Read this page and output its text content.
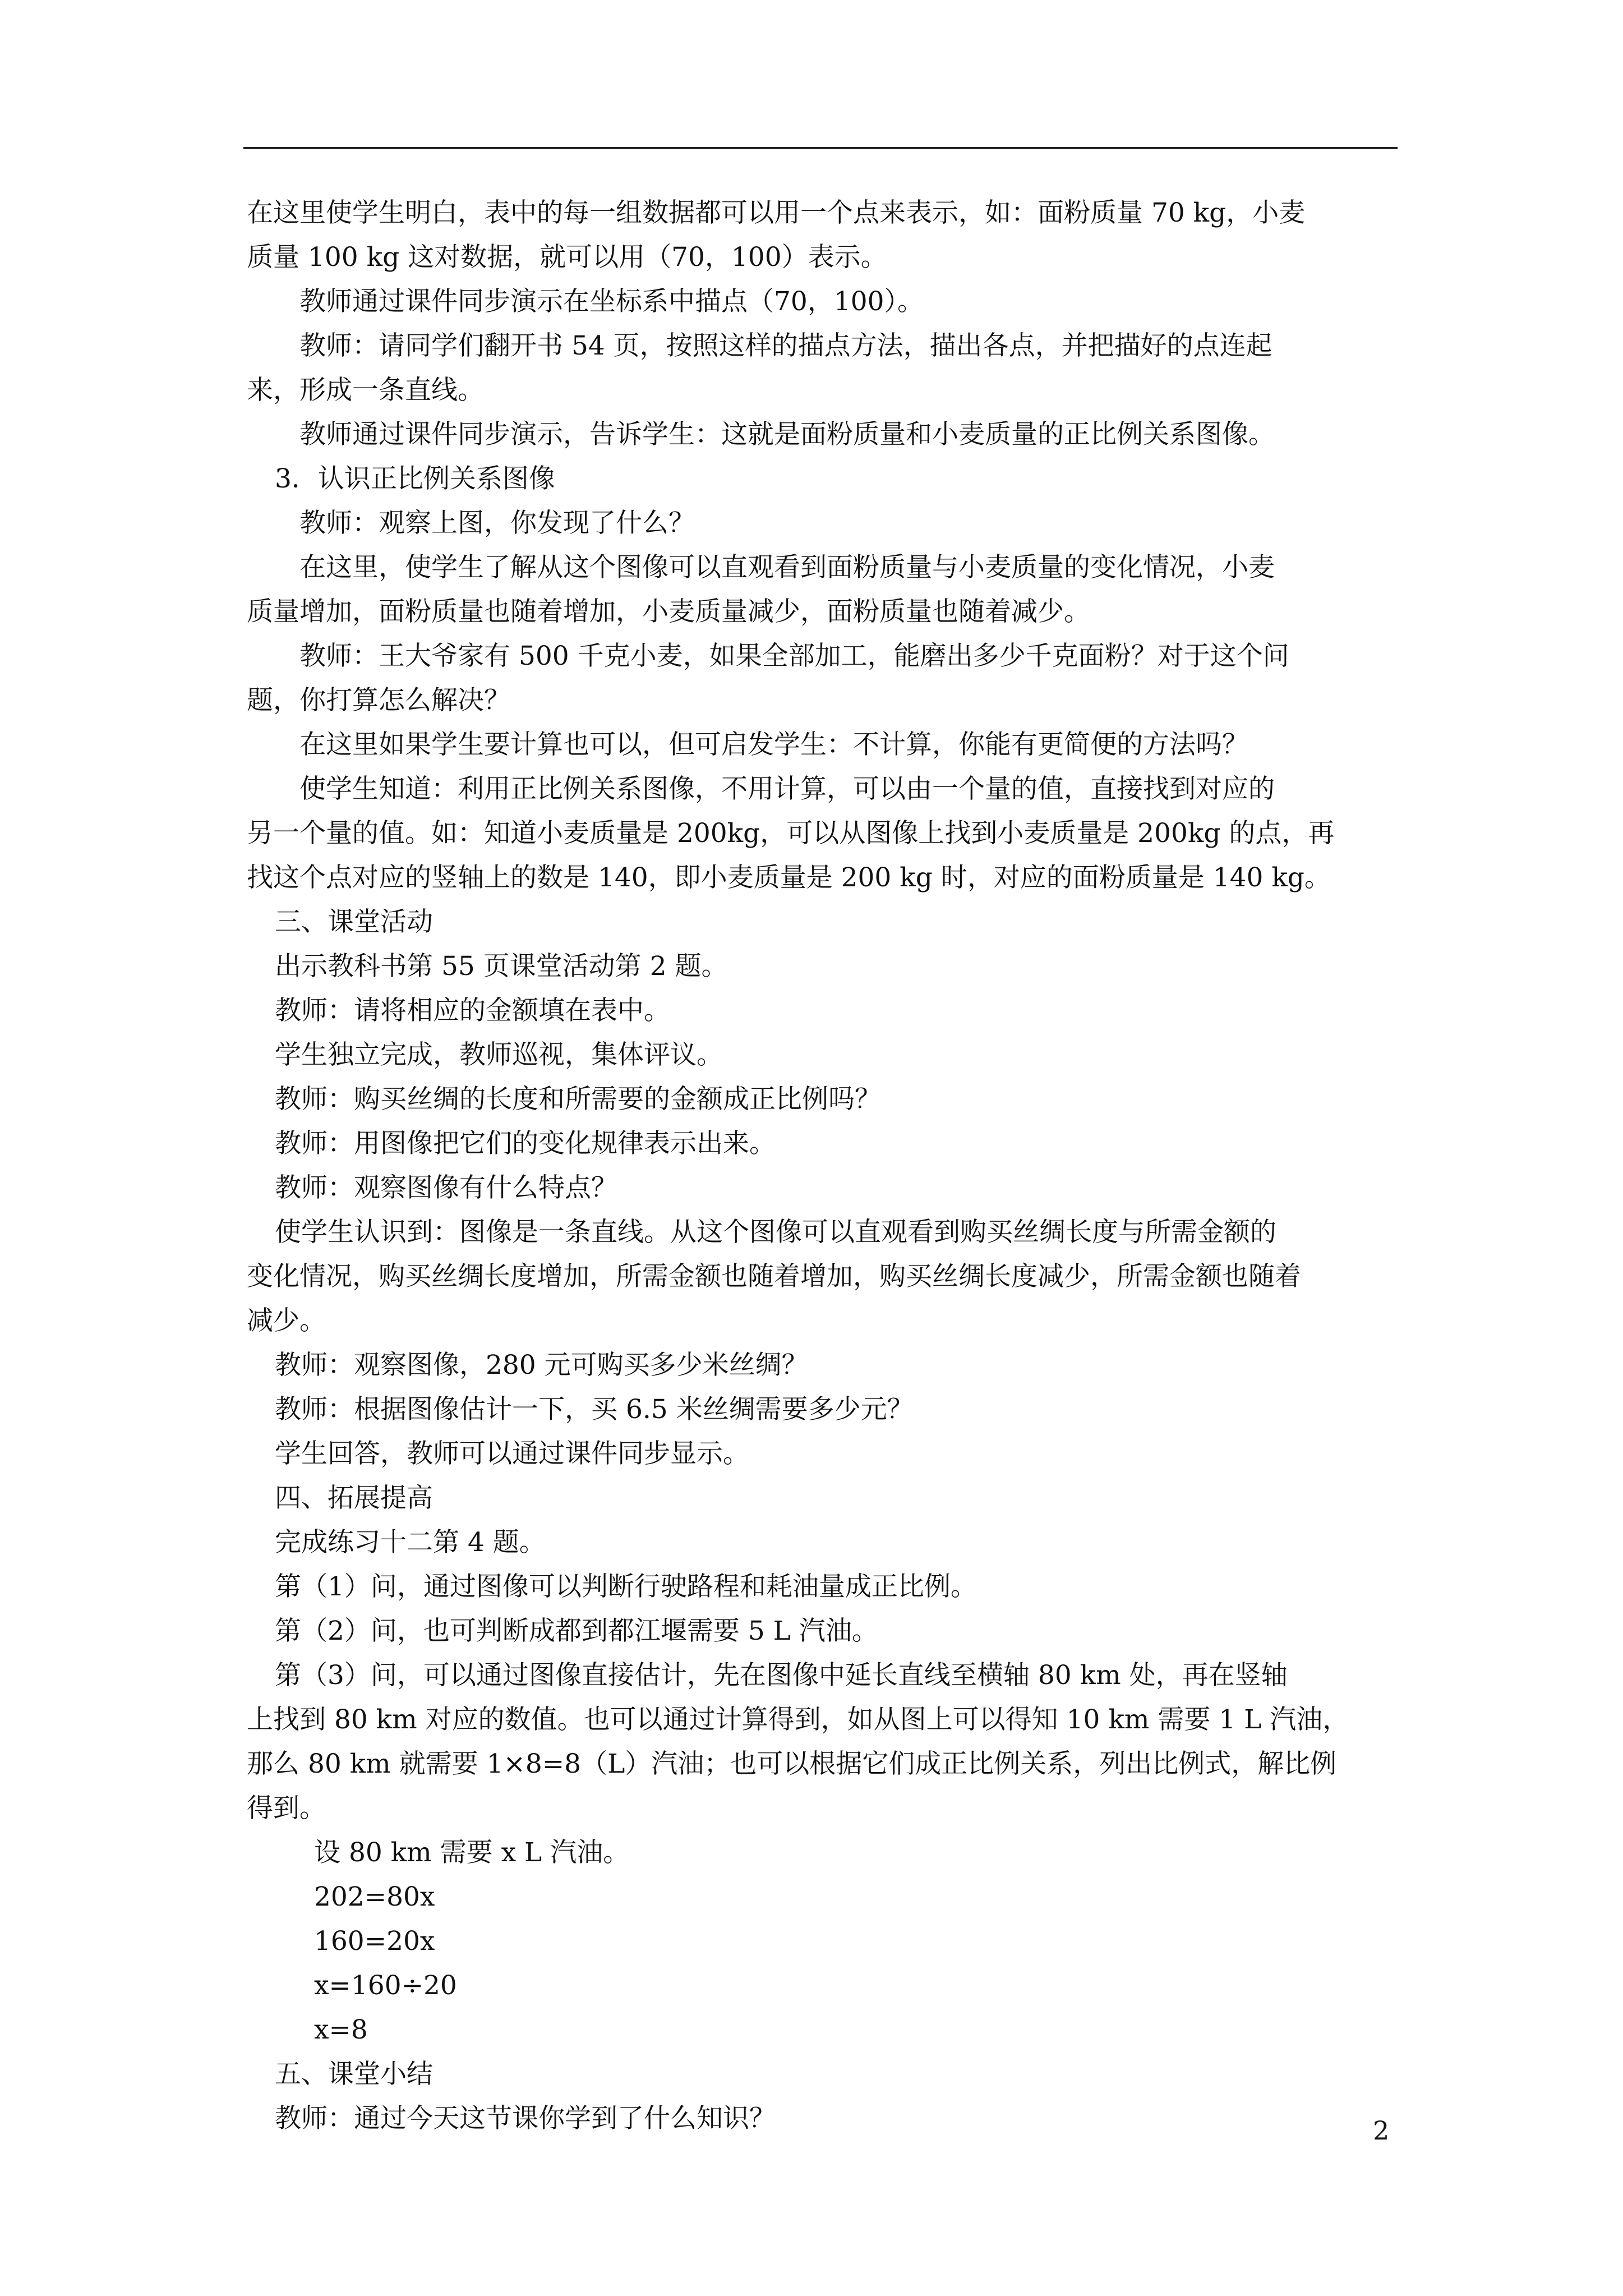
在这里使学生明白，表中的每一组数据都可以用一个点来表示，如：面粉质量 70 kg，小麦
质量 100 kg 这对数据，就可以用（70，100）表示。
教师通过课件同步演示在坐标系中描点（70，100）。
教师：请同学们翻开书 54 页，按照这样的描点方法，描出各点，并把描好的点连起
来，形成一条直线。
教师通过课件同步演示，告诉学生：这就是面粉质量和小麦质量的正比例关系图像。
3．认识正比例关系图像
教师：观察上图，你发现了什么？
在这里，使学生了解从这个图像可以直观看到面粉质量与小麦质量的变化情况，小麦
质量增加，面粉质量也随着增加，小麦质量减少，面粉质量也随着减少。
教师：王大爷家有 500 千克小麦，如果全部加工，能磨出多少千克面粉？对于这个问
题，你打算怎么解决？
在这里如果学生要计算也可以，但可启发学生：不计算，你能有更简便的方法吗？
使学生知道：利用正比例关系图像，不用计算，可以由一个量的值，直接找到对应的
另一个量的值。如：知道小麦质量是 200kg，可以从图像上找到小麦质量是 200kg 的点，再
找这个点对应的竖轴上的数是 140，即小麦质量是 200 kg 时，对应的面粉质量是 140 kg。
三、课堂活动
出示教科书第 55 页课堂活动第 2 题。
教师：请将相应的金额填在表中。
学生独立完成，教师巡视，集体评议。
教师：购买丝绸的长度和所需要的金额成正比例吗？
教师：用图像把它们的变化规律表示出来。
教师：观察图像有什么特点？
使学生认识到：图像是一条直线。从这个图像可以直观看到购买丝绸长度与所需金额的
变化情况，购买丝绸长度增加，所需金额也随着增加，购买丝绸长度减少，所需金额也随着
减少。
教师：观察图像，280 元可购买多少米丝绸？
教师：根据图像估计一下，买 6.5 米丝绸需要多少元？
学生回答，教师可以通过课件同步显示。
四、拓展提高
完成练习十二第 4 题。
第（1）问，通过图像可以判断行驶路程和耗油量成正比例。
第（2）问，也可判断成都到都江堰需要 5 L 汽油。
第（3）问，可以通过图像直接估计，先在图像中延长直线至横轴 80 km 处，再在竖轴
上找到 80 km 对应的数值。也可以通过计算得到，如从图上可以得知 10 km 需要 1 L 汽油，
那么 80 km 就需要 1×8=8（L）汽油；也可以根据它们成正比例关系，列出比例式，解比例
得到。
设 80 km 需要 x L 汽油。
202=80x
160=20x
x=160÷20
x=8
五、课堂小结
教师：通过今天这节课你学到了什么知识？	2
